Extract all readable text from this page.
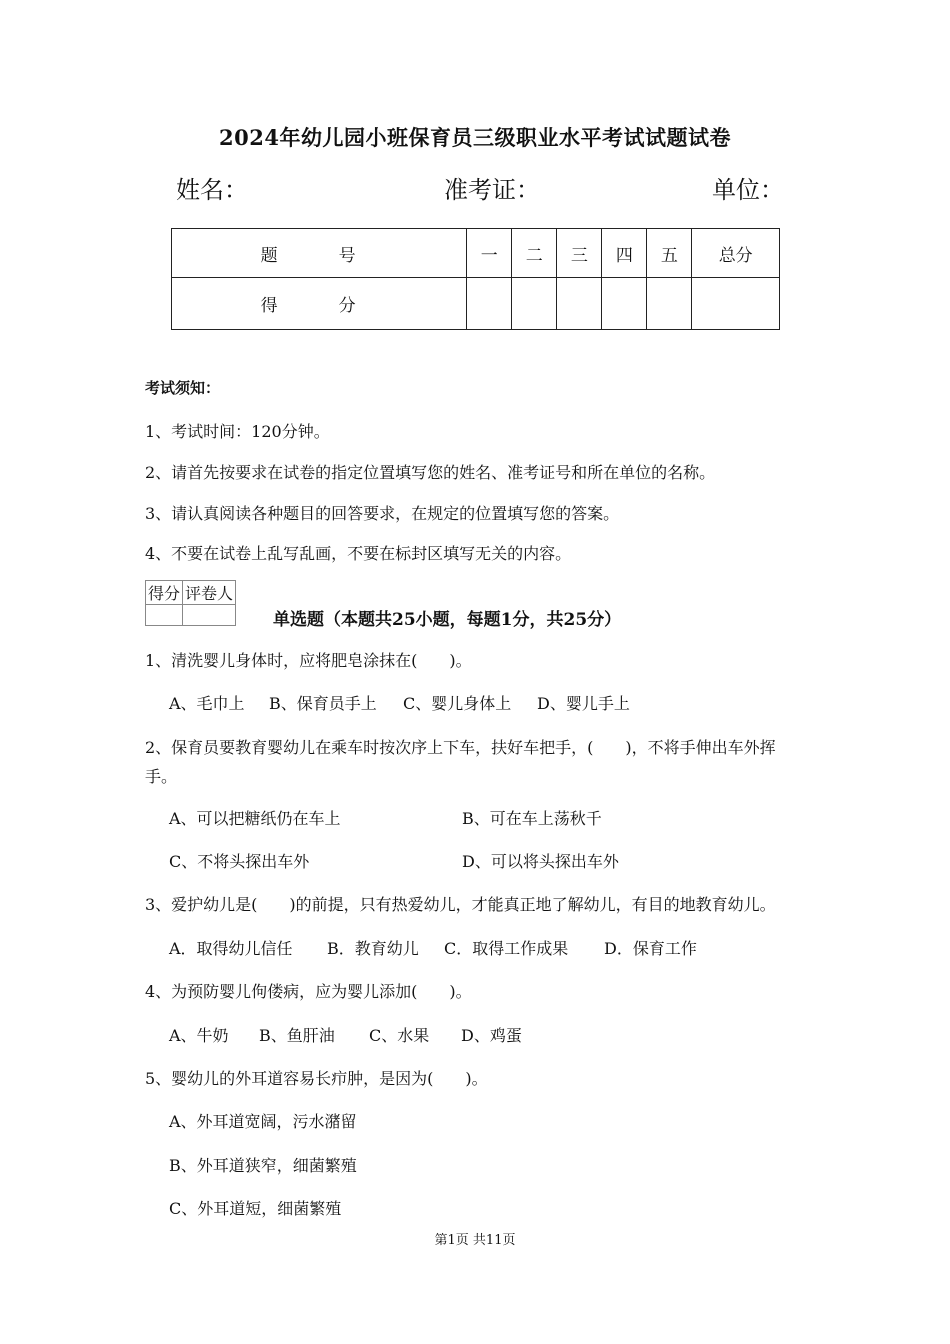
2024年幼儿园小班保育员三级职业水平考试试题试卷
姓名：	准考证：	单位：
题　号	一	二	三	四	五	总分
得　分						
考试须知：
1、考试时间：120分钟。
2、请首先按要求在试卷的指定位置填写您的姓名、准考证号和所在单位的名称。
3、请认真阅读各种题目的回答要求，在规定的位置填写您的答案。
4、不要在试卷上乱写乱画，不要在标封区填写无关的内容。
得分	评卷人

单选题（本题共25小题，每题1分，共25分）
1、清洗婴儿身体时，应将肥皂涂抹在(　　)。
A、毛巾上 B、保育员手上 C、婴儿身体上 D、婴儿手上
2、保育员要教育婴幼儿在乘车时按次序上下车，扶好车把手，(　　)，不将手伸出车外挥
手。
A、可以把糖纸仍在车上	B、可在车上荡秋千
C、不将头探出车外	D、可以将头探出车外
3、爱护幼儿是(　　)的前提，只有热爱幼儿，才能真正地了解幼儿，有目的地教育幼儿。
A．取得幼儿信任 B．教育幼儿 C．取得工作成果 D．保育工作
4、为预防婴儿佝偻病，应为婴儿添加(　　)。
A、牛奶 B、鱼肝油 C、水果 D、鸡蛋
5、婴幼儿的外耳道容易长疖肿，是因为(　　)。
A、外耳道宽阔，污水潴留
B、外耳道狭窄，细菌繁殖
C、外耳道短，细菌繁殖
第1页 共11页
